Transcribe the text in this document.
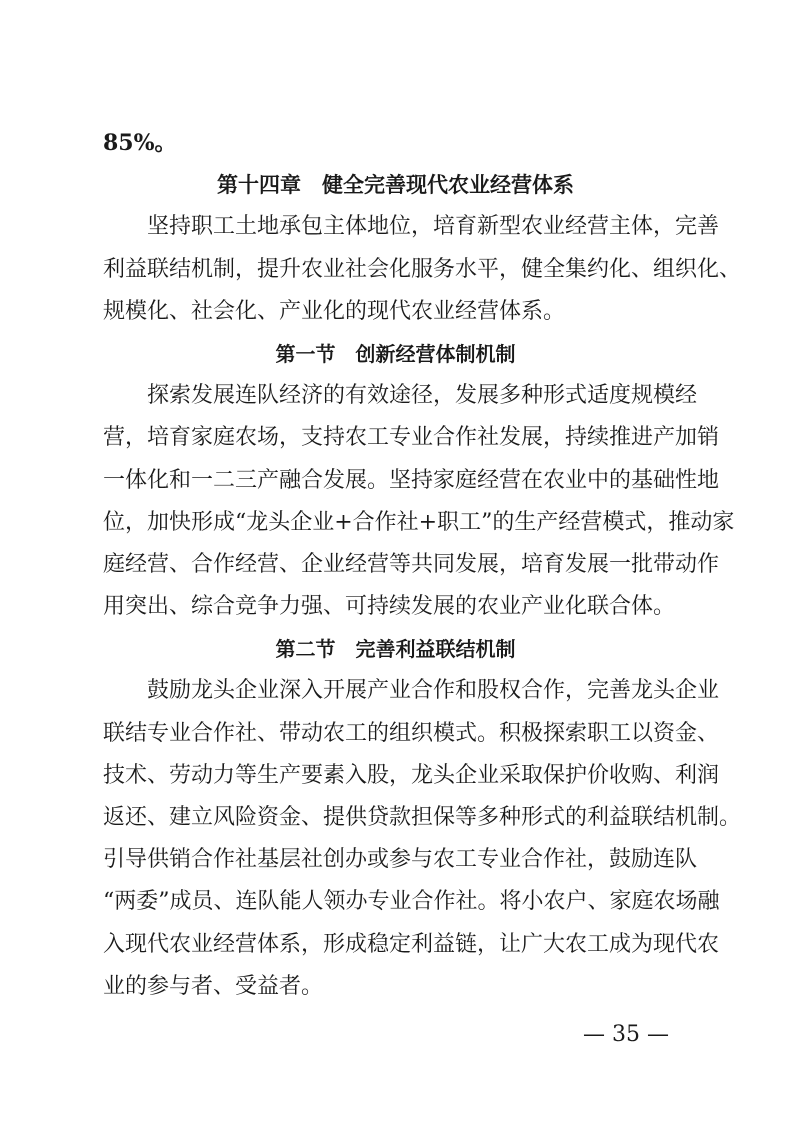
85%。
第十四章　健全完善现代农业经营体系
坚持职工土地承包主体地位，培育新型农业经营主体，完善
利益联结机制，提升农业社会化服务水平，健全集约化、组织化、
规模化、社会化、产业化的现代农业经营体系。
第一节　创新经营体制机制
探索发展连队经济的有效途径，发展多种形式适度规模经
营，培育家庭农场，支持农工专业合作社发展，持续推进产加销
一体化和一二三产融合发展。坚持家庭经营在农业中的基础性地
位，加快形成“龙头企业+合作社+职工”的生产经营模式，推动家
庭经营、合作经营、企业经营等共同发展，培育发展一批带动作
用突出、综合竞争力强、可持续发展的农业产业化联合体。
第二节　完善利益联结机制
鼓励龙头企业深入开展产业合作和股权合作，完善龙头企业
联结专业合作社、带动农工的组织模式。积极探索职工以资金、
技术、劳动力等生产要素入股，龙头企业采取保护价收购、利润
返还、建立风险资金、提供贷款担保等多种形式的利益联结机制。
引导供销合作社基层社创办或参与农工专业合作社，鼓励连队
“两委”成员、连队能人领办专业合作社。将小农户、家庭农场融
入现代农业经营体系，形成稳定利益链，让广大农工成为现代农
业的参与者、受益者。
— 35 —
